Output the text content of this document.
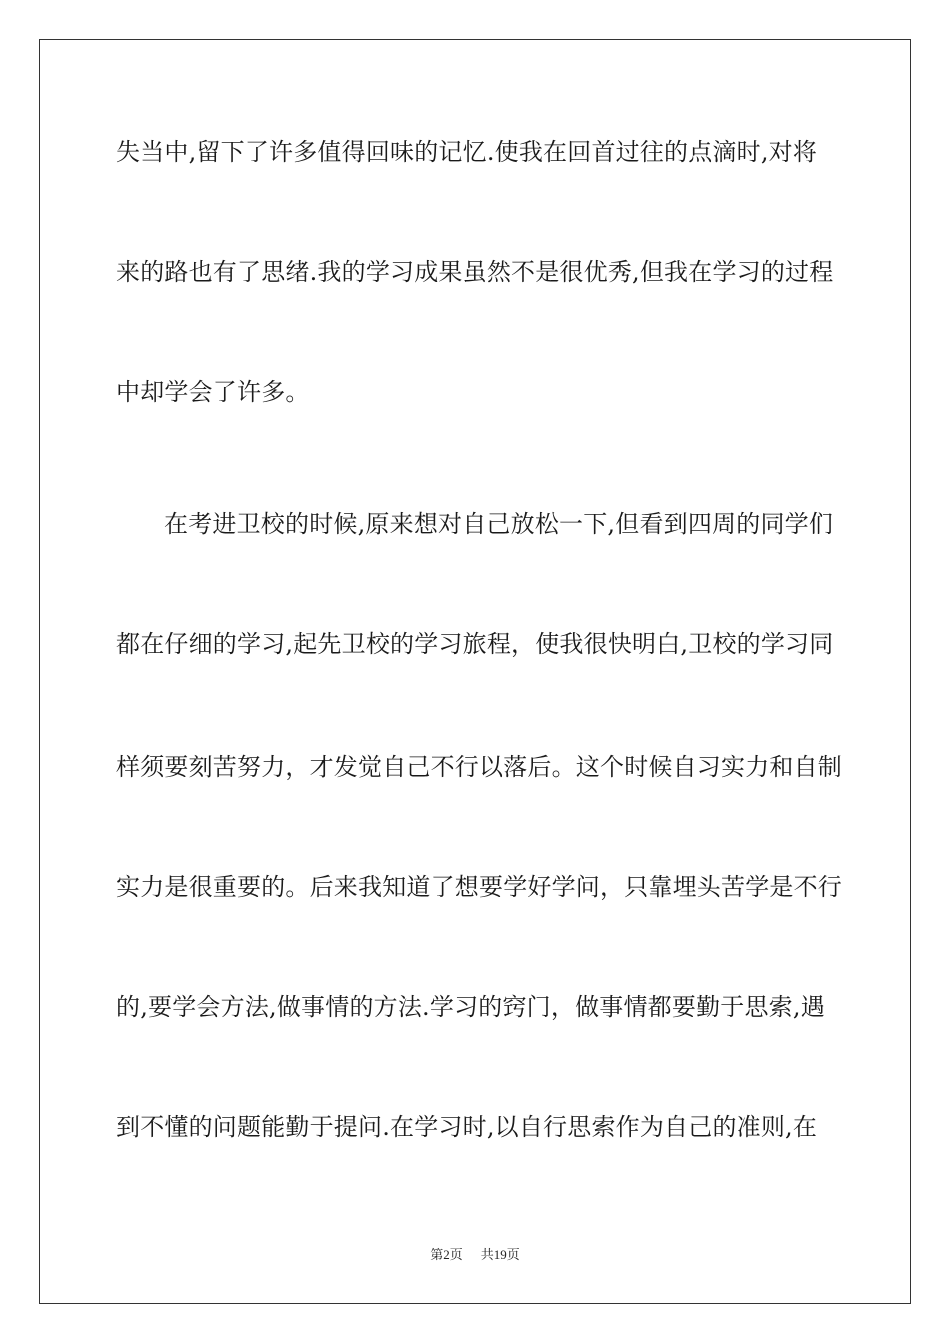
失当中,留下了许多值得回味的记忆.使我在回首过往的点滴时,对将
来的路也有了思绪.我的学习成果虽然不是很优秀,但我在学习的过程
中却学会了许多。
在考进卫校的时候,原来想对自己放松一下,但看到四周的同学们
都在仔细的学习,起先卫校的学习旅程，使我很快明白,卫校的学习同
样须要刻苦努力，才发觉自己不行以落后。这个时候自习实力和自制
实力是很重要的。后来我知道了想要学好学问，只靠埋头苦学是不行
的,要学会方法,做事情的方法.学习的窍门，做事情都要勤于思索,遇
到不懂的问题能勤于提问.在学习时,以自行思索作为自己的准则,在
第2页 共19页
